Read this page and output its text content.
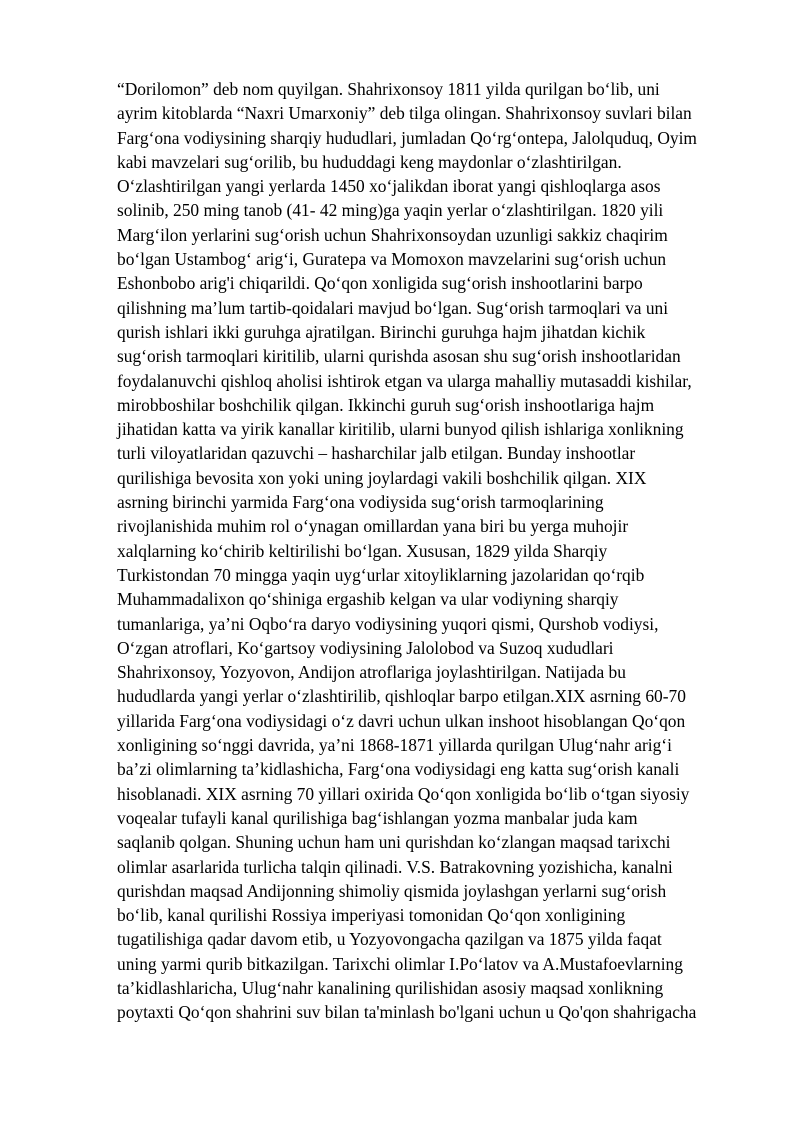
“Dorilomon” deb nom quyilgan. Shahrixonsoy 1811 yilda qurilgan bo‘lib, uni
ayrim kitoblarda “Naxri Umarxoniy” deb tilga olingan. Shahrixonsoy suvlari bilan
Farg‘ona vodiysining sharqiy hududlari, jumladan Qo‘rg‘ontepa, Jalolquduq, Oyim
kabi mavzelari sug‘orilib, bu hududdagi keng maydonlar o‘zlashtirilgan.
O‘zlashtirilgan yangi yerlarda 1450 xo‘jalikdan iborat yangi qishloqlarga asos
solinib, 250 ming tanob (41- 42 ming)ga yaqin yerlar o‘zlashtirilgan. 1820 yili
Marg‘ilon yerlarini sug‘orish uchun Shahrixonsoydan uzunligi sakkiz chaqirim
bo‘lgan Ustambog‘ arig‘i, Guratepa va Momoxon mavzelarini sug‘orish uchun
Eshonbobo arig'i chiqarildi. Qo‘qon xonligida sug‘orish inshootlarini barpo
qilishning ma’lum tartib-qoidalari mavjud bo‘lgan. Sug‘orish tarmoqlari va uni
qurish ishlari ikki guruhga ajratilgan. Birinchi guruhga hajm jihatdan kichik
sug‘orish tarmoqlari kiritilib, ularni qurishda asosan shu sug‘orish inshootlaridan
foydalanuvchi qishloq aholisi ishtirok etgan va ularga mahalliy mutasaddi kishilar,
mirobboshilar boshchilik qilgan. Ikkinchi guruh sug‘orish inshootlariga hajm
jihatidan katta va yirik kanallar kiritilib, ularni bunyod qilish ishlariga xonlikning
turli viloyatlaridan qazuvchi – hasharchilar jalb etilgan. Bunday inshootlar
qurilishiga bevosita xon yoki uning joylardagi vakili boshchilik qilgan. XIX
asrning birinchi yarmida Farg‘ona vodiysida sug‘orish tarmoqlarining
rivojlanishida muhim rol o‘ynagan omillardan yana biri bu yerga muhojir
xalqlarning ko‘chirib keltirilishi bo‘lgan. Xususan, 1829 yilda Sharqiy
Turkistondan 70 mingga yaqin uyg‘urlar xitoyliklarning jazolaridan qo‘rqib
Muhammadalixon qo‘shiniga ergashib kelgan va ular vodiyning sharqiy
tumanlariga, ya’ni Oqbo‘ra daryo vodiysining yuqori qismi, Qurshob vodiysi,
O‘zgan atroflari, Ko‘gartsoy vodiysining Jalolobod va Suzoq xududlari
Shahrixonsoy, Yozyovon, Andijon atroflariga joylashtirilgan. Natijada bu
hududlarda yangi yerlar o‘zlashtirilib, qishloqlar barpo etilgan.XIX asrning 60-70
yillarida Farg‘ona vodiysidagi o‘z davri uchun ulkan inshoot hisoblangan Qo‘qon
xonligining so‘nggi davrida, ya’ni 1868-1871 yillarda qurilgan Ulug‘nahr arig‘i
ba’zi olimlarning ta’kidlashicha, Farg‘ona vodiysidagi eng katta sug‘orish kanali
hisoblanadi. XIX asrning 70 yillari oxirida Qo‘qon xonligida bo‘lib o‘tgan siyosiy
voqealar tufayli kanal qurilishiga bag‘ishlangan yozma manbalar juda kam
saqlanib qolgan. Shuning uchun ham uni qurishdan ko‘zlangan maqsad tarixchi
olimlar asarlarida turlicha talqin qilinadi. V.S. Batrakovning yozishicha, kanalni
qurishdan maqsad Andijonning shimoliy qismida joylashgan yerlarni sug‘orish
bo‘lib, kanal qurilishi Rossiya imperiyasi tomonidan Qo‘qon xonligining
tugatilishiga qadar davom etib, u Yozyovongacha qazilgan va 1875 yilda faqat
uning yarmi qurib bitkazilgan. Tarixchi olimlar I.Po‘latov va A.Mustafoevlarning
ta’kidlashlaricha, Ulug‘nahr kanalining qurilishidan asosiy maqsad xonlikning
poytaxti Qo‘qon shahrini suv bilan ta'minlash bo'lgani uchun u Qo'qon shahrigacha
